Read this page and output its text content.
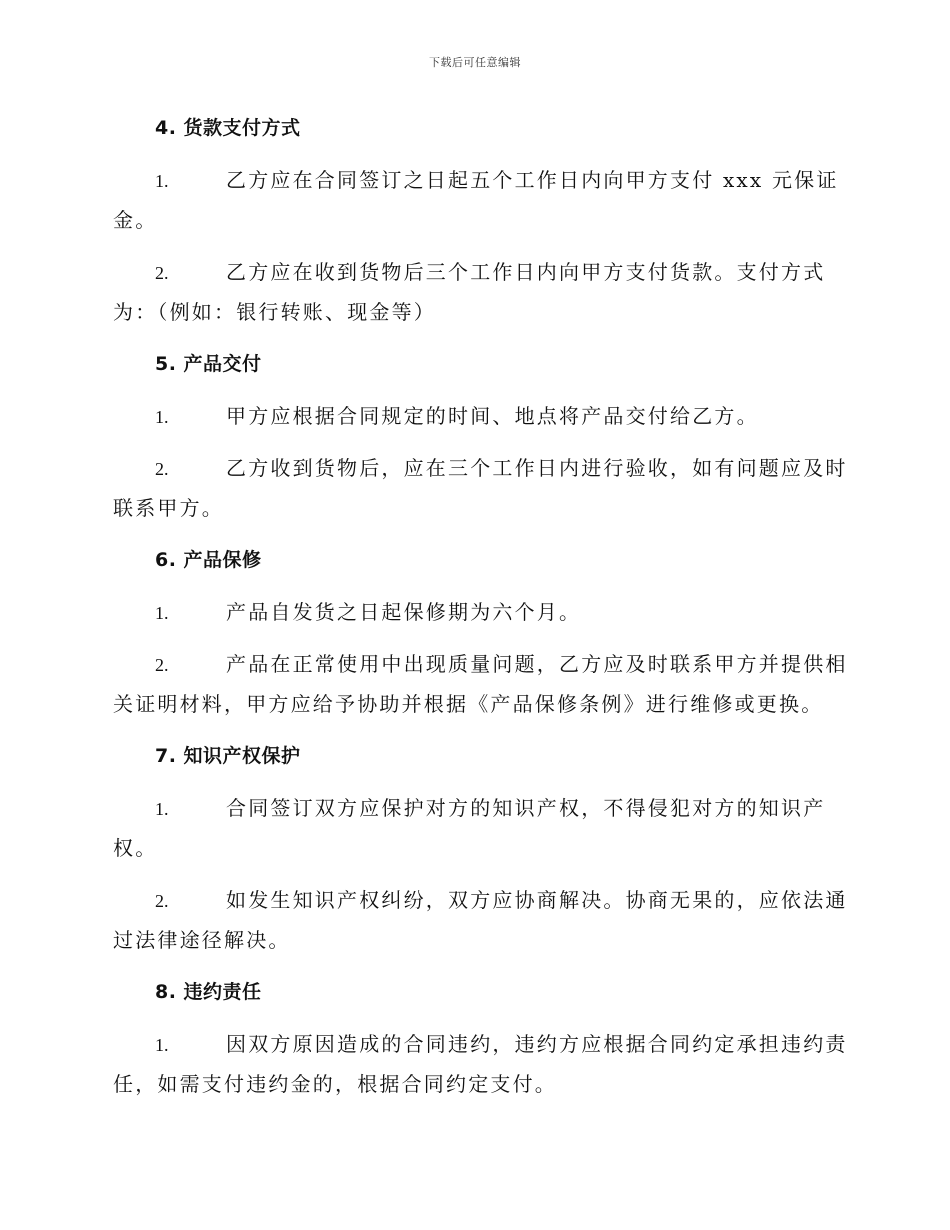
下载后可任意编辑
4. 货款支付方式
1.	乙方应在合同签订之日起五个工作日内向甲方支付 xxx 元保证
金。
2.	乙方应在收到货物后三个工作日内向甲方支付货款。支付方式
为：（例如：银行转账、现金等）
5. 产品交付
1.	甲方应根据合同规定的时间、地点将产品交付给乙方。
2.	乙方收到货物后，应在三个工作日内进行验收，如有问题应及时
联系甲方。
6. 产品保修
1.	产品自发货之日起保修期为六个月。
2.	产品在正常使用中出现质量问题，乙方应及时联系甲方并提供相
关证明材料，甲方应给予协助并根据《产品保修条例》进行维修或更换。
7. 知识产权保护
1.	合同签订双方应保护对方的知识产权，不得侵犯对方的知识产
权。
2.	如发生知识产权纠纷，双方应协商解决。协商无果的，应依法通
过法律途径解决。
8. 违约责任
1.	因双方原因造成的合同违约，违约方应根据合同约定承担违约责
任，如需支付违约金的，根据合同约定支付。
